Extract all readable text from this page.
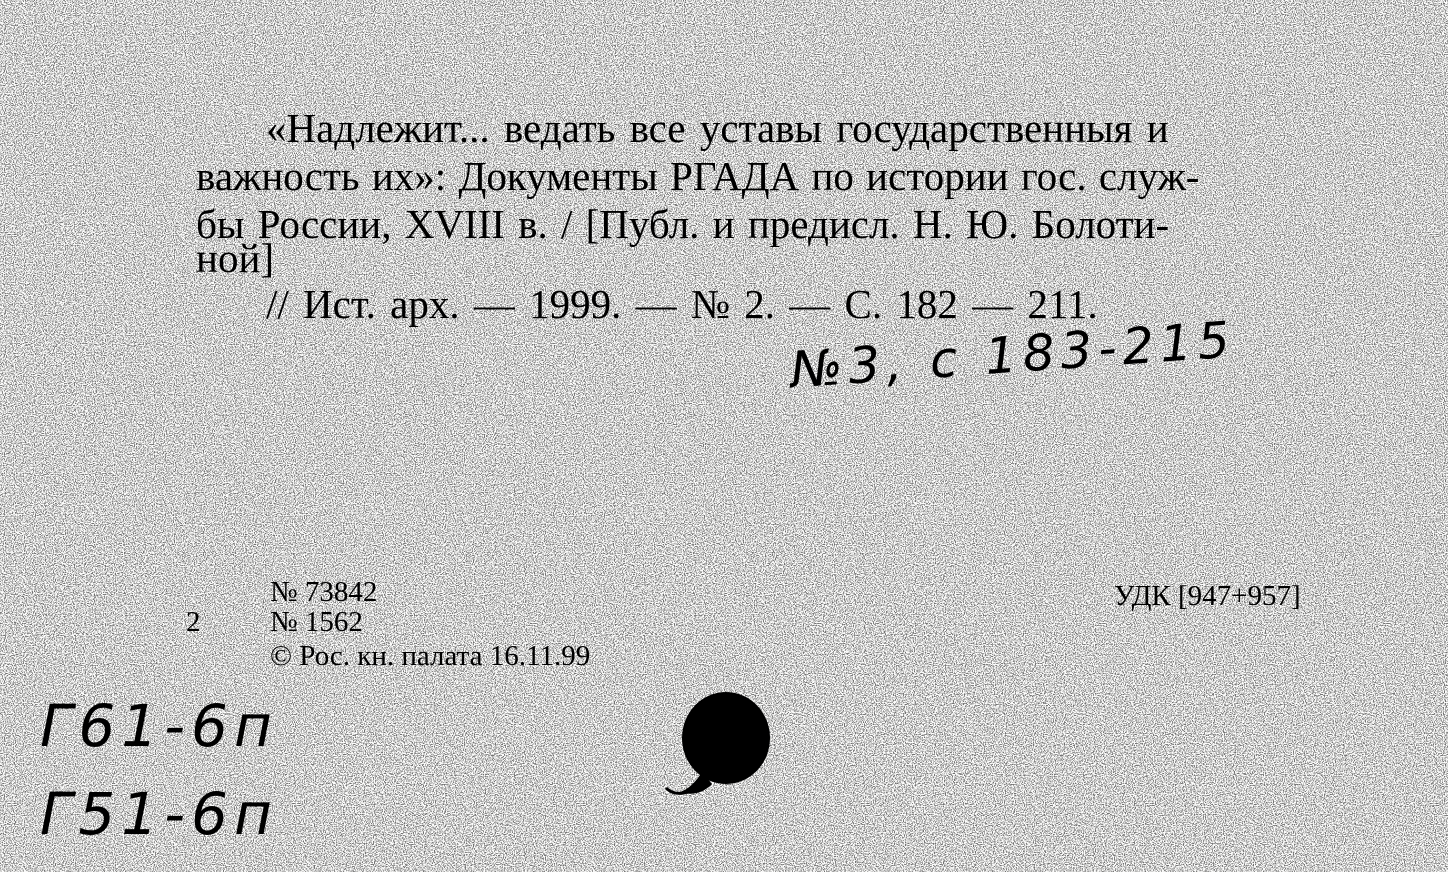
«Надлежит... ведать все уставы государственныя и
важность их»: Документы РГАДА по истории гос. служ-
бы России, XVIII в. / [Публ. и предисл. Н. Ю. Болоти-
ной]
// Ист. арх. — 1999. — № 2. — С. 182 — 211.
№3, с 183-215
№ 73842
2 № 1562
© Рос. кн. палата 16.11.99
УДК [947+957]
Г61-6п
Г51-6п
